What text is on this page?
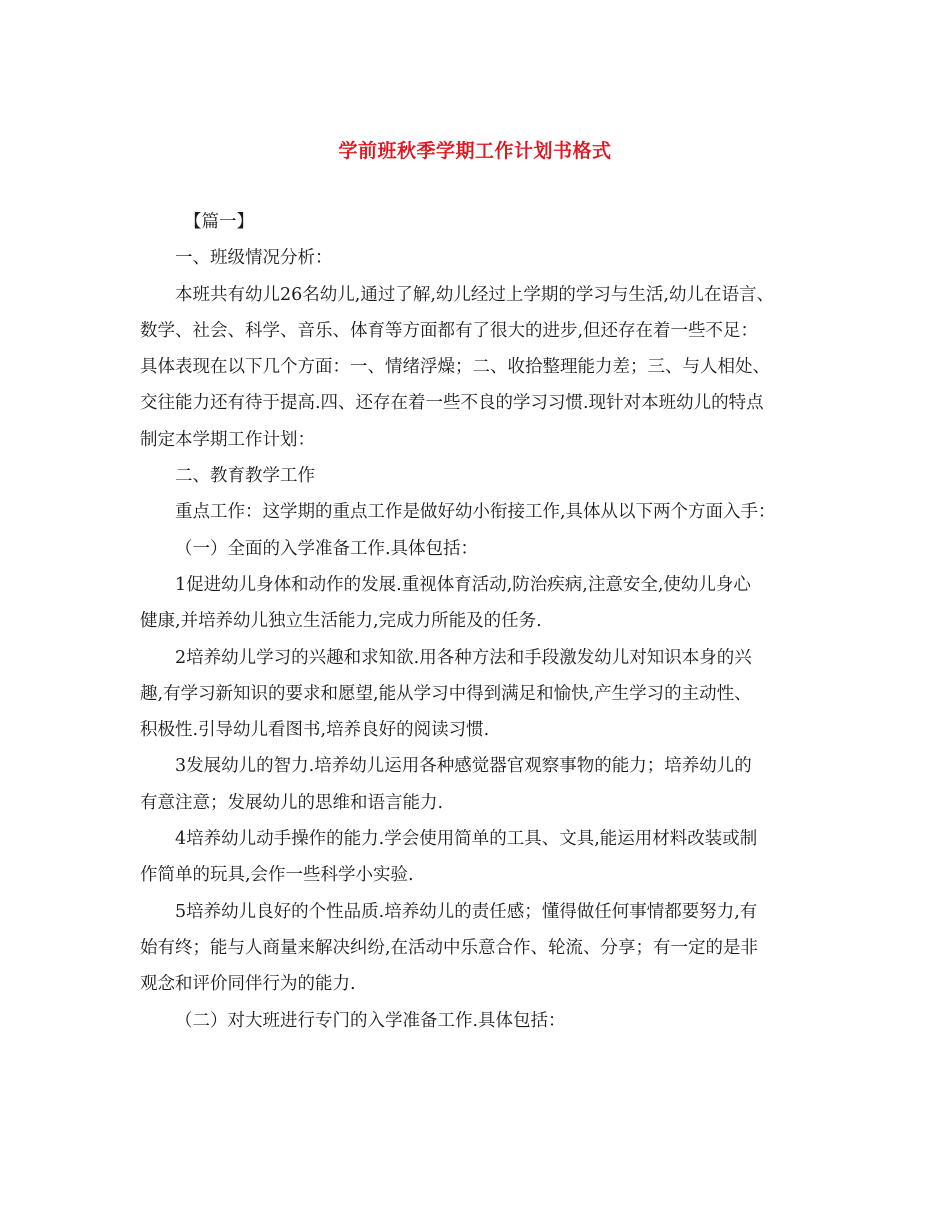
学前班秋季学期工作计划书格式
【篇一】
一、班级情况分析：
本班共有幼儿26名幼儿,通过了解,幼儿经过上学期的学习与生活,幼儿在语言、
数学、社会、科学、音乐、体育等方面都有了很大的进步,但还存在着一些不足：
具体表现在以下几个方面：一、情绪浮燥；二、收拾整理能力差；三、与人相处、
交往能力还有待于提高.四、还存在着一些不良的学习习惯.现针对本班幼儿的特点
制定本学期工作计划：
二、教育教学工作
重点工作：这学期的重点工作是做好幼小衔接工作,具体从以下两个方面入手：
（一）全面的入学准备工作.具体包括：
1促进幼儿身体和动作的发展.重视体育活动,防治疾病,注意安全,使幼儿身心
健康,并培养幼儿独立生活能力,完成力所能及的任务.
2培养幼儿学习的兴趣和求知欲.用各种方法和手段激发幼儿对知识本身的兴
趣,有学习新知识的要求和愿望,能从学习中得到满足和愉快,产生学习的主动性、
积极性.引导幼儿看图书,培养良好的阅读习惯.
3发展幼儿的智力.培养幼儿运用各种感觉器官观察事物的能力；培养幼儿的
有意注意；发展幼儿的思维和语言能力.
4培养幼儿动手操作的能力.学会使用简单的工具、文具,能运用材料改装或制
作简单的玩具,会作一些科学小实验.
5培养幼儿良好的个性品质.培养幼儿的责任感；懂得做任何事情都要努力,有
始有终；能与人商量来解决纠纷,在活动中乐意合作、轮流、分享；有一定的是非
观念和评价同伴行为的能力.
（二）对大班进行专门的入学准备工作.具体包括：
